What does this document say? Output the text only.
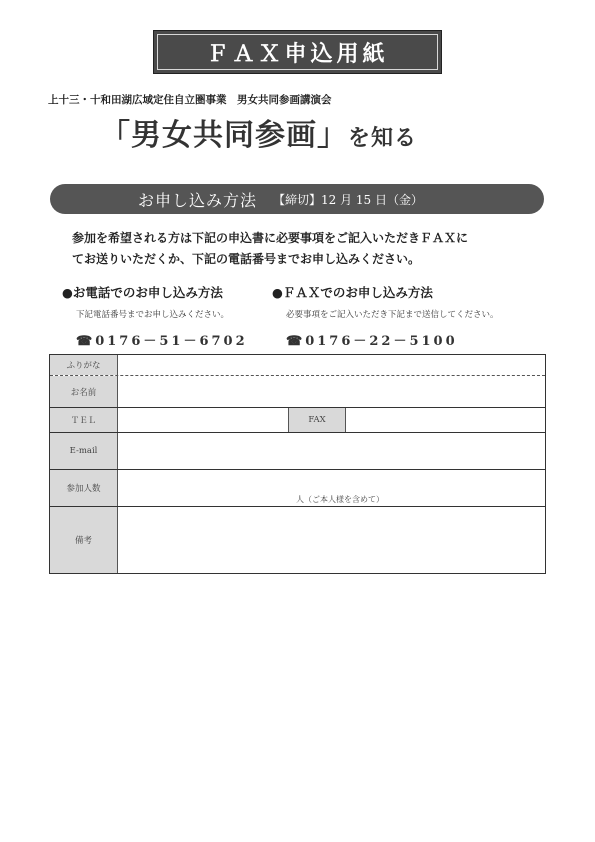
ＦＡＸ申込用紙
上十三・十和田湖広域定住自立圏事業　男女共同参画講演会
「男女共同参画」を知る
お申し込み方法 【締切】12 月 15 日（金）
参加を希望される方は下記の申込書に必要事項をご記入いただきＦＡＸに
てお送りいただくか、下記の電話番号までお申し込みください。
●お電話でのお申し込み方法
下記電話番号までお申し込みください。
☎0176－51－6702
●ＦＡＸでのお申し込み方法
必要事項をご記入いただき下記まで送信してください。
☎0176－22－5100
ふりがな
お名前
ＴＥＬ	FAX
E-mail
参加人数
人（ご本人様を含めて）
備考
